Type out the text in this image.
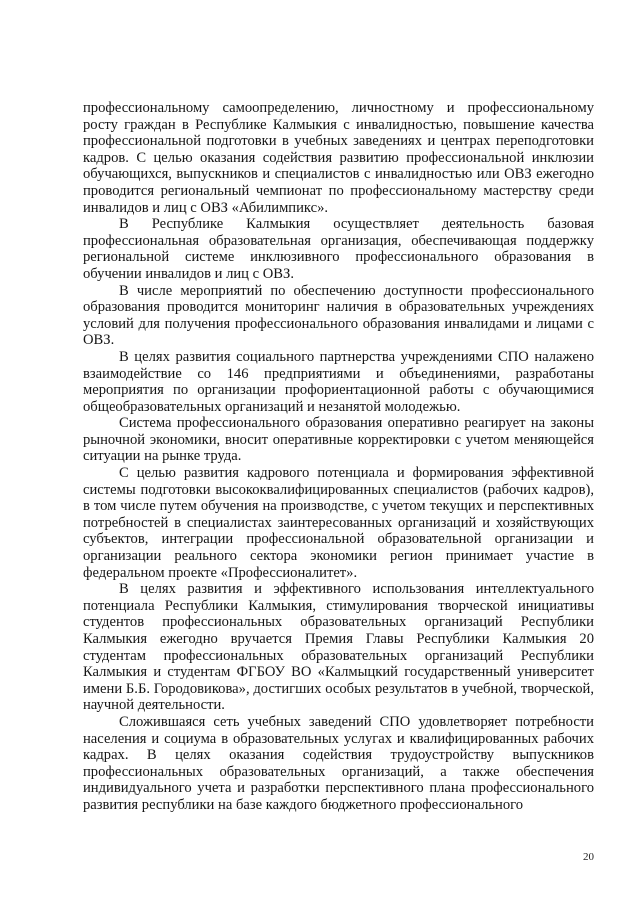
профессиональному самоопределению, личностному и профессиональному росту граждан в Республике Калмыкия с инвалидностью, повышение качества профессиональной подготовки в учебных заведениях и центрах переподготовки кадров. С целью оказания содействия развитию профессиональной инклюзии обучающихся, выпускников и специалистов с инвалидностью или ОВЗ ежегодно проводится региональный чемпионат по профессиональному мастерству среди инвалидов и лиц с ОВЗ «Абилимпикс».

В Республике Калмыкия осуществляет деятельность базовая профессиональная образовательная организация, обеспечивающая поддержку региональной системе инклюзивного профессионального образования в обучении инвалидов и лиц с ОВЗ.

В числе мероприятий по обеспечению доступности профессионального образования проводится мониторинг наличия в образовательных учреждениях условий для получения профессионального образования инвалидами и лицами с ОВЗ.

В целях развития социального партнерства учреждениями СПО налажено взаимодействие со 146 предприятиями и объединениями, разработаны мероприятия по организации профориентационной работы с обучающимися общеобразовательных организаций и незанятой молодежью.

Система профессионального образования оперативно реагирует на законы рыночной экономики, вносит оперативные корректировки с учетом меняющейся ситуации на рынке труда.

С целью развития кадрового потенциала и формирования эффективной системы подготовки высококвалифицированных специалистов (рабочих кадров), в том числе путем обучения на производстве, с учетом текущих и перспективных потребностей в специалистах заинтересованных организаций и хозяйствующих субъектов, интеграции профессиональной образовательной организации и организации реального сектора экономики регион принимает участие в федеральном проекте «Профессионалитет».

В целях развития и эффективного использования интеллектуального потенциала Республики Калмыкия, стимулирования творческой инициативы студентов профессиональных образовательных организаций Республики Калмыкия ежегодно вручается Премия Главы Республики Калмыкия 20 студентам профессиональных образовательных организаций Республики Калмыкия и студентам ФГБОУ ВО «Калмыцкий государственный университет имени Б.Б. Городовикова», достигших особых результатов в учебной, творческой, научной деятельности.

Сложившаяся сеть учебных заведений СПО удовлетворяет потребности населения и социума в образовательных услугах и квалифицированных рабочих кадрах. В целях оказания содействия трудоустройству выпускников профессиональных образовательных организаций, а также обеспечения индивидуального учета и разработки перспективного плана профессионального развития республики на базе каждого бюджетного профессионального

20
